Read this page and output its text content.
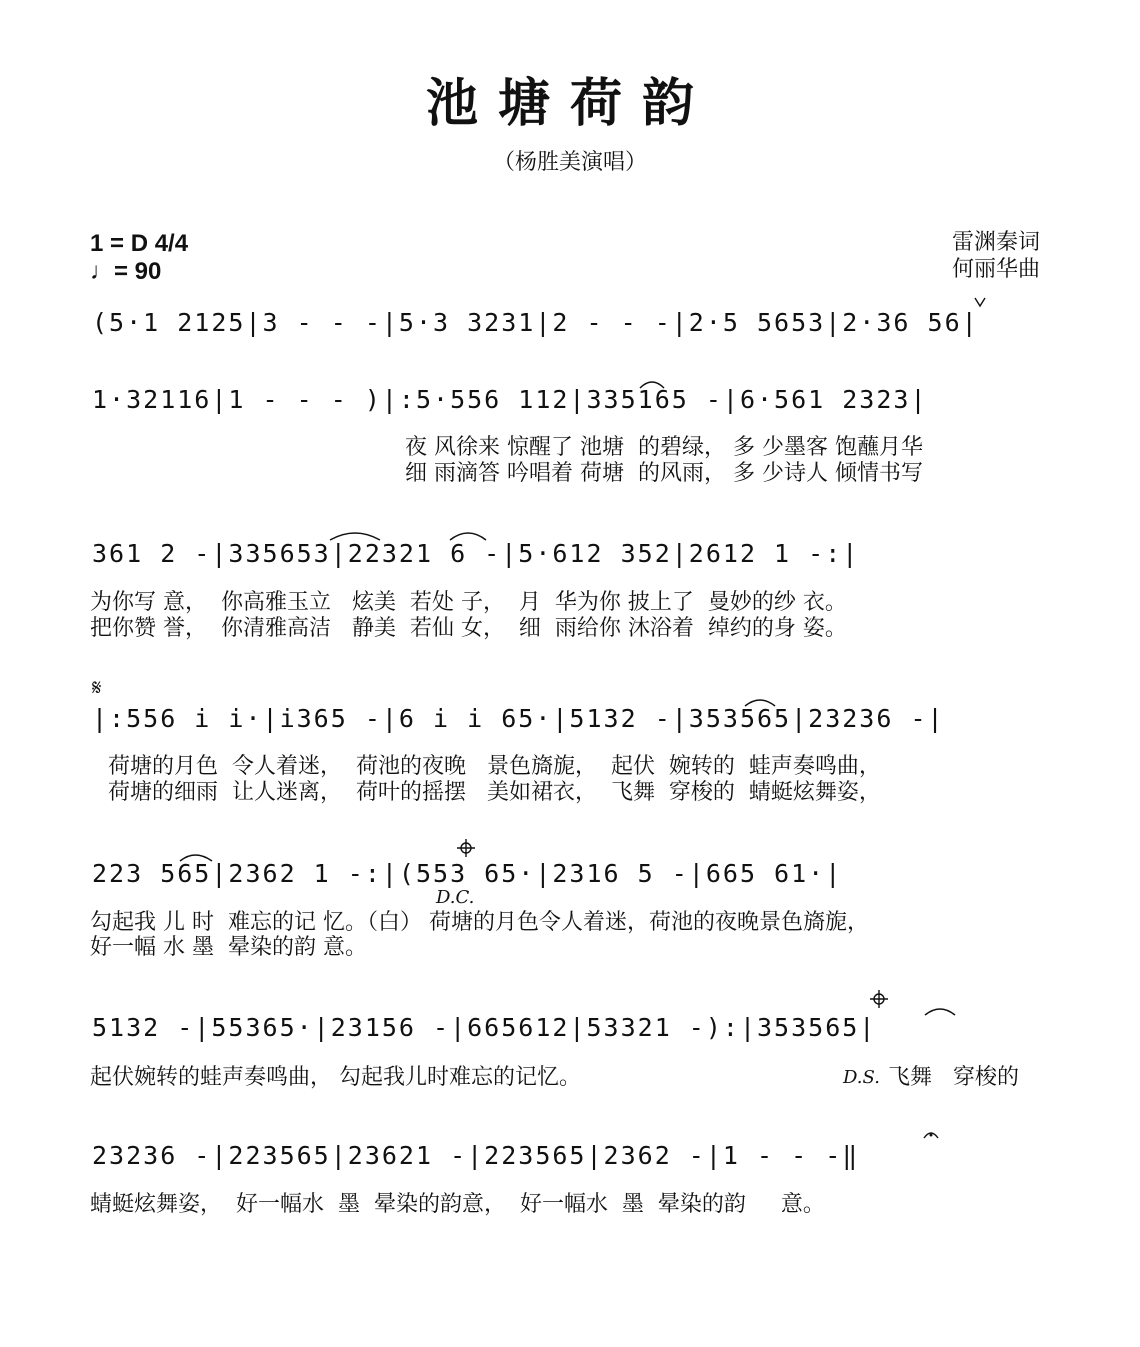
池塘荷韵
（杨胜美演唱）
1 = D 4/4
♩= 90
雷渊秦词
何丽华曲
(5·1 2125|3 - - -|5·3 3231|2 - - -|2·5 5653|2·36 56|
1·32116|1 - - - )|:5·556 112|335165 -|6·561 2323|
夜 风徐来 惊醒了 池塘  的碧绿， 多 少墨客 饱蘸月华
细 雨滴答 吟唱着 荷塘  的风雨， 多 少诗人 倾情书写
361 2 -|335653|22321 6 -|5·612 352|2612 1 -:|
为你写 意，  你高雅玉立   炫美  若处 子，  月  华为你 披上了  曼妙的纱 衣。
把你赞 誉，  你清雅高洁   静美  若仙 女，  细  雨给你 沐浴着  绰约的身 姿。
𝄋
|:556 i i·|i365 -|6 i i 65·|5132 -|353565|23236 -|
荷塘的月色  令人着迷，  荷池的夜晚   景色旖旎，  起伏  婉转的  蛙声奏鸣曲，
荷塘的细雨  让人迷离，  荷叶的摇摆   美如裙衣，  飞舞  穿梭的  蜻蜓炫舞姿，
223 565|2362 1 -:|(553 65·|2316 5 -|665 61·|
D.C.
勾起我 儿 时  难忘的记 忆。（白） 荷塘的月色令人着迷，荷池的夜晚景色旖旎，
好一幅 水 墨  晕染的韵 意。
5132 -|55365·|23156 -|665612|53321 -):|353565|
起伏婉转的蛙声奏鸣曲， 勾起我儿时难忘的记忆。	D.S. 飞舞   穿梭的
23236 -|223565|23621 -|223565|2362 -|1 - - -‖
蜻蜓炫舞姿，  好一幅水  墨  晕染的韵意，  好一幅水  墨  晕染的韵     意。
